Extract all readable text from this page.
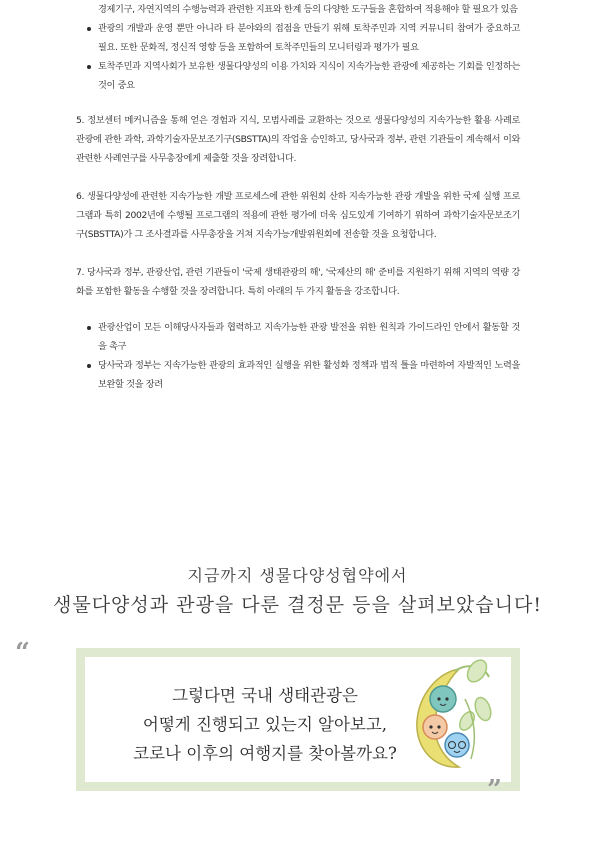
경제기구, 자연지역의 수행능력과 관련한 지표와 한계 등의 다양한 도구들을 혼합하여 적용해야 할 필요가 있음
관광의 개발과 운영 뿐만 아니라 타 분야와의 접점을 만들기 위해 토착주민과 지역 커뮤니티 참여가 중요하고 필요. 또한 문화적, 정신적 영향 등을 포함하여 토착주민들의 모니터링과 평가가 필요
토착주민과 지역사회가 보유한 생물다양성의 이용 가치와 지식이 지속가능한 관광에 제공하는 기회를 인정하는 것이 중요

5. 정보센터 메커니즘을 통해 얻은 경험과 지식, 모범사례를 교환하는 것으로 생물다양성의 지속가능한 활용 사례로 관광에 관한 과학, 과학기술자문보조기구(SBSTTA)의 작업을 승인하고, 당사국과 정부, 관련 기관들이 계속해서 이와 관련한 사례연구를 사무총장에게 제출할 것을 장려합니다.

6. 생물다양성에 관련한 지속가능한 개발 프로세스에 관한 위원회 산하 지속가능한 관광 개발을 위한 국제 실행 프로그램과 특히 2002년에 수행될 프로그램의 적용에 관한 평가에 더욱 심도있게 기여하기 위하여 과학기술자문보조기구(SBSTTA)가 그 조사결과를 사무총장을 거쳐 지속가능개발위원회에 전송할 것을 요청합니다.

7. 당사국과 정부, 관광산업, 관련 기관들이 '국제 생태관광의 해', '국제산의 해' 준비를 지원하기 위해 지역의 역량 강화를 포함한 활동을 수행할 것을 장려합니다. 특히 아래의 두 가지 활동을 강조합니다.

관광산업이 모든 이해당사자들과 협력하고 지속가능한 관광 발전을 위한 원칙과 가이드라인 안에서 활동할 것을 촉구
당사국과 정부는 지속가능한 관광의 효과적인 실행을 위한 활성화 정책과 법적 틀을 마련하여 자발적인 노력을 보완할 것을 장려
지금까지 생물다양성협약에서
생물다양성과 관광을 다룬 결정문 등을 살펴보았습니다!
그렇다면 국내 생태관광은
어떻게 진행되고 있는지 알아보고,
코로나 이후의 여행지를 찾아볼까요?
“
”
